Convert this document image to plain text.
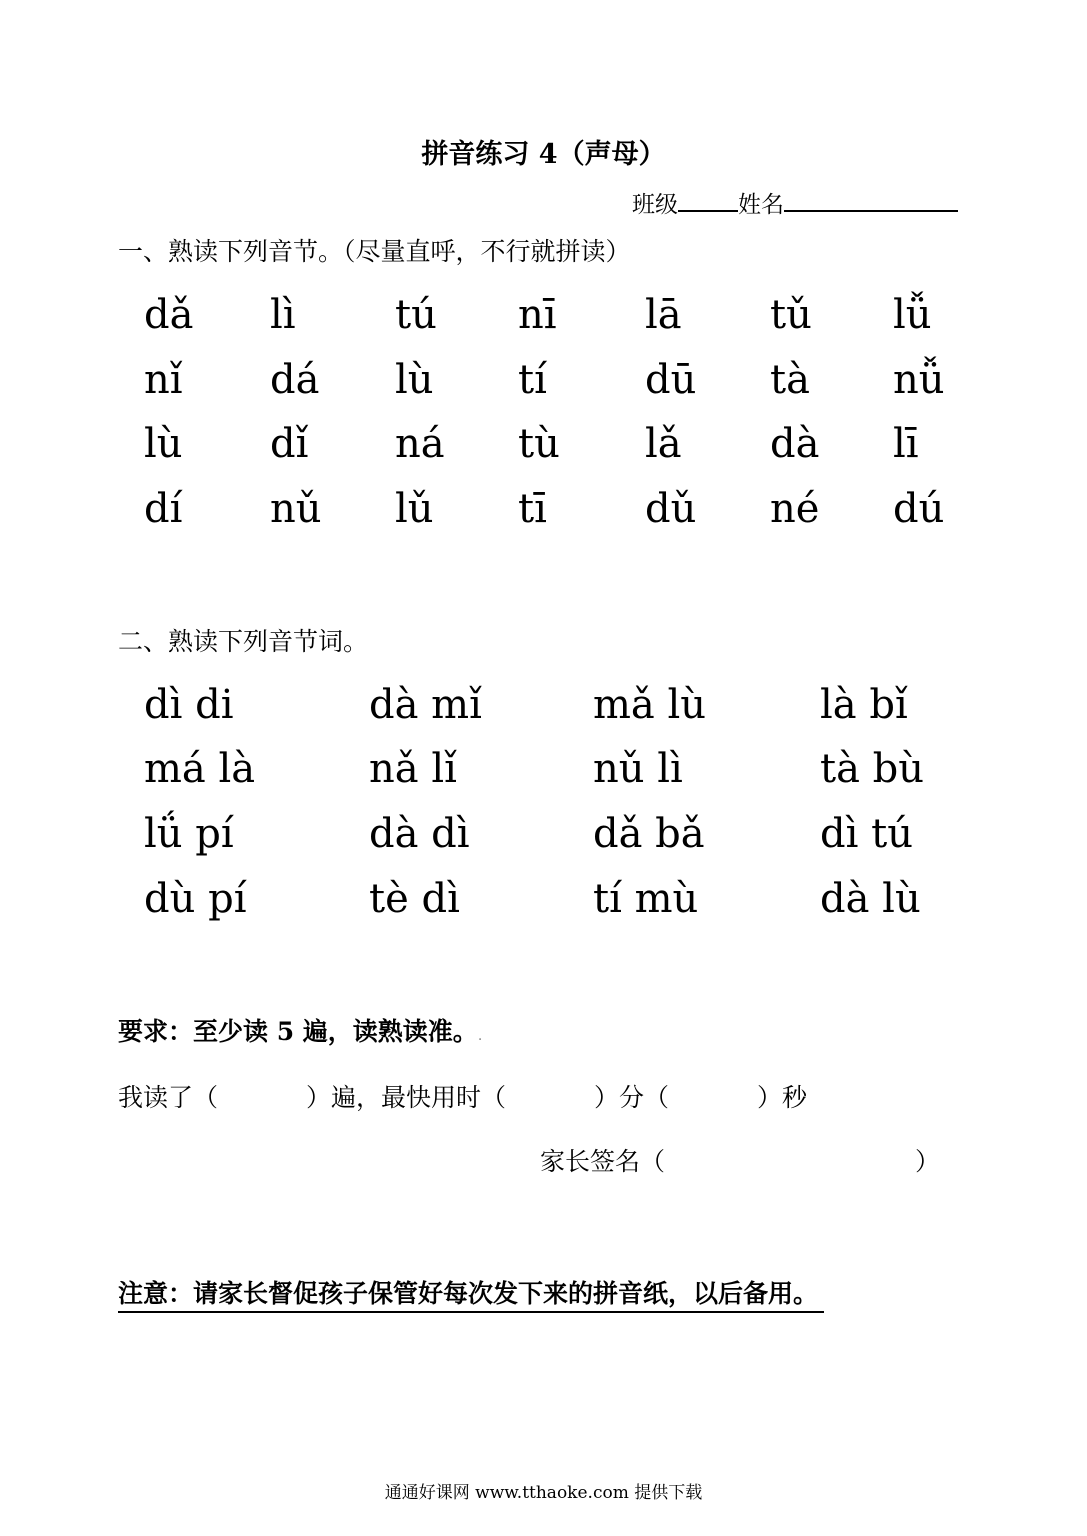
拼音练习 4（声母）
班级	姓名
一、熟读下列音节。（尽量直呼，不行就拼读）
dǎ lì tú nī lā tǔ lǚ
nǐ dá lù tí dū tà nǚ
lù dǐ ná tù lǎ dà lī
dí nǔ lǔ tī dǔ né dú
二、熟读下列音节词。
dì di	dà mǐ	mǎ lù	là bǐ
má là	nǎ lǐ	nǔ lì	tà bù
lǘ pí	dà dì	dǎ bǎ	dì tú
dù pí	tè dì	tí mù	dà lù
要求：至少读 5 遍，读熟读准。.
我读了（	）遍，最快用时（	）分（	）秒
家长签名（	）
注意：请家长督促孩子保管好每次发下来的拼音纸，以后备用。
通通好课网 www.tthaoke.com 提供下载
